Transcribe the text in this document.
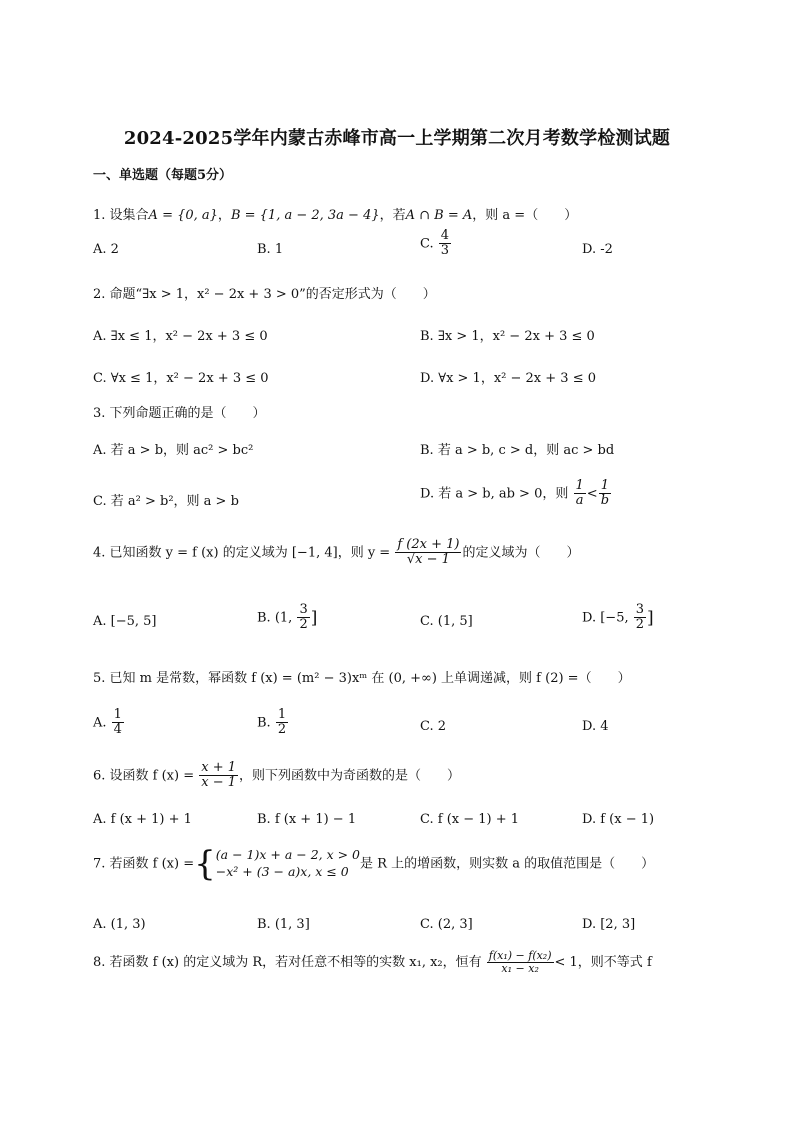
2024-2025学年内蒙古赤峰市高一上学期第二次月考数学检测试题
一、单选题（每题5分）
1. 设集合A = {0, a}，B = {1, a − 2, 3a − 4}，若A ∩ B = A，则 a =（　　）
A. 2	B. 1	C. $\frac{4}{3}$	D. -2
2. 命题“∃x > 1，x² − 2x + 3 > 0”的否定形式为（　　）
A. ∃x ≤ 1，x² − 2x + 3 ≤ 0	B. ∃x > 1，x² − 2x + 3 ≤ 0
C. ∀x ≤ 1，x² − 2x + 3 ≤ 0	D. ∀x > 1，x² − 2x + 3 ≤ 0
3. 下列命题正确的是（　　）
A. 若 a > b，则 ac² > bc²	B. 若 a > b, c > d，则 ac > bd
C. 若 a² > b²，则 a > b
D. 若 a > b, ab > 0，则 $\frac{1}{a} < \frac{1}{b}$
4. 已知函数 y = f (x) 的定义域为 [−1, 4]，则 $y = \frac{f (2x + 1)}{√x - 1}$ 的定义域为（　　）
A. [−5, 5]	B. (1, $\frac{3}{2}$ ]	C. (1, 5]	D. [−5, $\frac{3}{2}$ ]
5. 已知 m 是常数，幂函数 f (x) = (m² − 3)xᵐ 在 (0, +∞) 上单调递减，则 f (2) =（　　）
A. $\frac{1}{4}$	B. $\frac{1}{2}$	C. 2	D. 4
6. 设函数 f $(x) = \frac{x + 1}{x - 1}$ ，则下列函数中为奇函数的是（　　）
A. f (x + 1) + 1	B. f (x + 1) − 1	C. f (x − 1) + 1	D. f (x − 1)
7. 若函数 f (x) ={ (a − 1)x + a − 2, x > 0
−x² + (3 − a)x, x ≤ 0 是 R 上的增函数，则实数 a 的取值范围是（　　）
A. (1, 3)	B. (1, 3]	C. (2, 3]	D. [2, 3]
8. 若函数 f (x) 的定义域为 R，若对任意不相等的实数 x₁, x₂，恒有 $\frac{\text{f(x₁) − f(x₂)}}{\text{x₁ − x₂}} < 1$，则不等式 f
